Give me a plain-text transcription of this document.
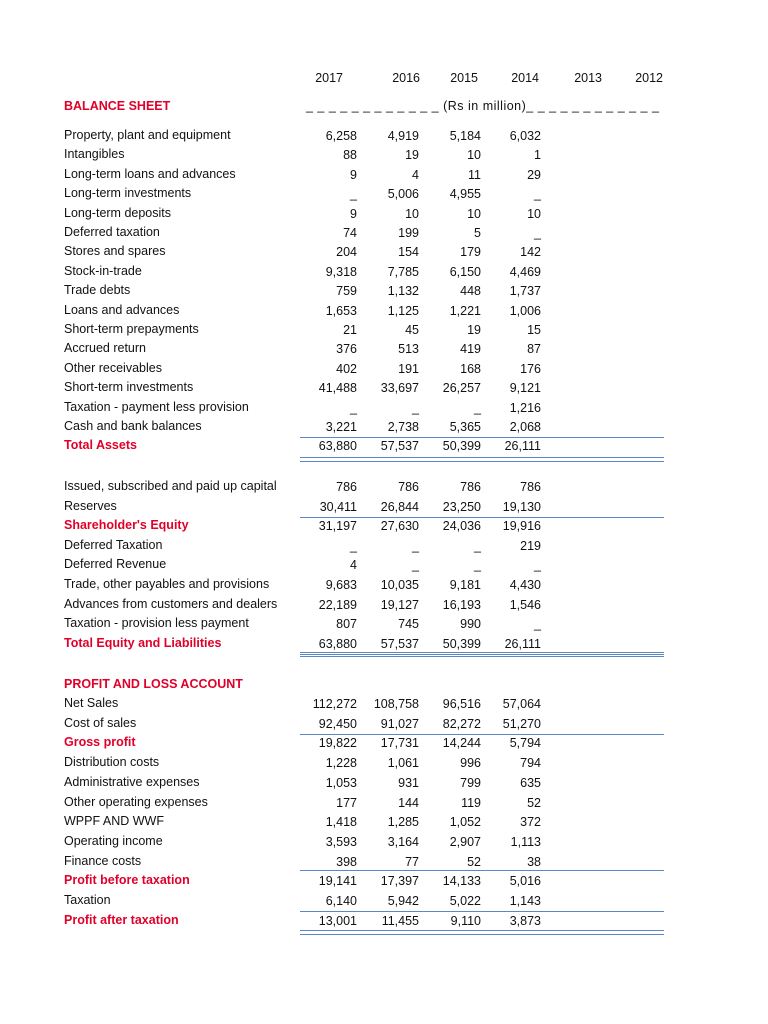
2017	2016	2015	2014	2013	2012
BALANCE SHEET	_ _ _ _ _ _ _ _ _ _ _ _ (Rs in million)_ _ _ _ _ _ _ _ _ _ _ _
Property, plant and equipment	6,258	4,919	5,184	6,032
Intangibles	88	19	10	1
Long-term loans and advances	9	4	11	29
Long-term investments	_	5,006	4,955	_
Long-term deposits	9	10	10	10
Deferred taxation	74	199	5	_
Stores and spares	204	154	179	142
Stock-in-trade	9,318	7,785	6,150	4,469
Trade debts	759	1,132	448	1,737
Loans and advances	1,653	1,125	1,221	1,006
Short-term prepayments	21	45	19	15
Accrued return	376	513	419	87
Other receivables	402	191	168	176
Short-term investments	41,488	33,697	26,257	9,121
Taxation - payment less provision	_	_	_	1,216
Cash and bank balances	3,221	2,738	5,365	2,068
Total Assets	63,880	57,537	50,399	26,111
Issued, subscribed and paid up capital	786	786	786	786
Reserves	30,411	26,844	23,250	19,130
Shareholder's Equity	31,197	27,630	24,036	19,916
Deferred Taxation	_	_	_	219
Deferred Revenue	4	_	_	_
Trade, other payables and provisions	9,683	10,035	9,181	4,430
Advances from customers and dealers	22,189	19,127	16,193	1,546
Taxation - provision less payment	807	745	990	_
Total Equity and Liabilities	63,880	57,537	50,399	26,111
PROFIT AND LOSS ACCOUNT
Net Sales	112,272	108,758	96,516	57,064
Cost of sales	92,450	91,027	82,272	51,270
Gross profit	19,822	17,731	14,244	5,794
Distribution costs	1,228	1,061	996	794
Administrative expenses	1,053	931	799	635
Other operating expenses	177	144	119	52
WPPF AND WWF	1,418	1,285	1,052	372
Operating income	3,593	3,164	2,907	1,113
Finance costs	398	77	52	38
Profit before taxation	19,141	17,397	14,133	5,016
Taxation	6,140	5,942	5,022	1,143
Profit after taxation	13,001	11,455	9,110	3,873
